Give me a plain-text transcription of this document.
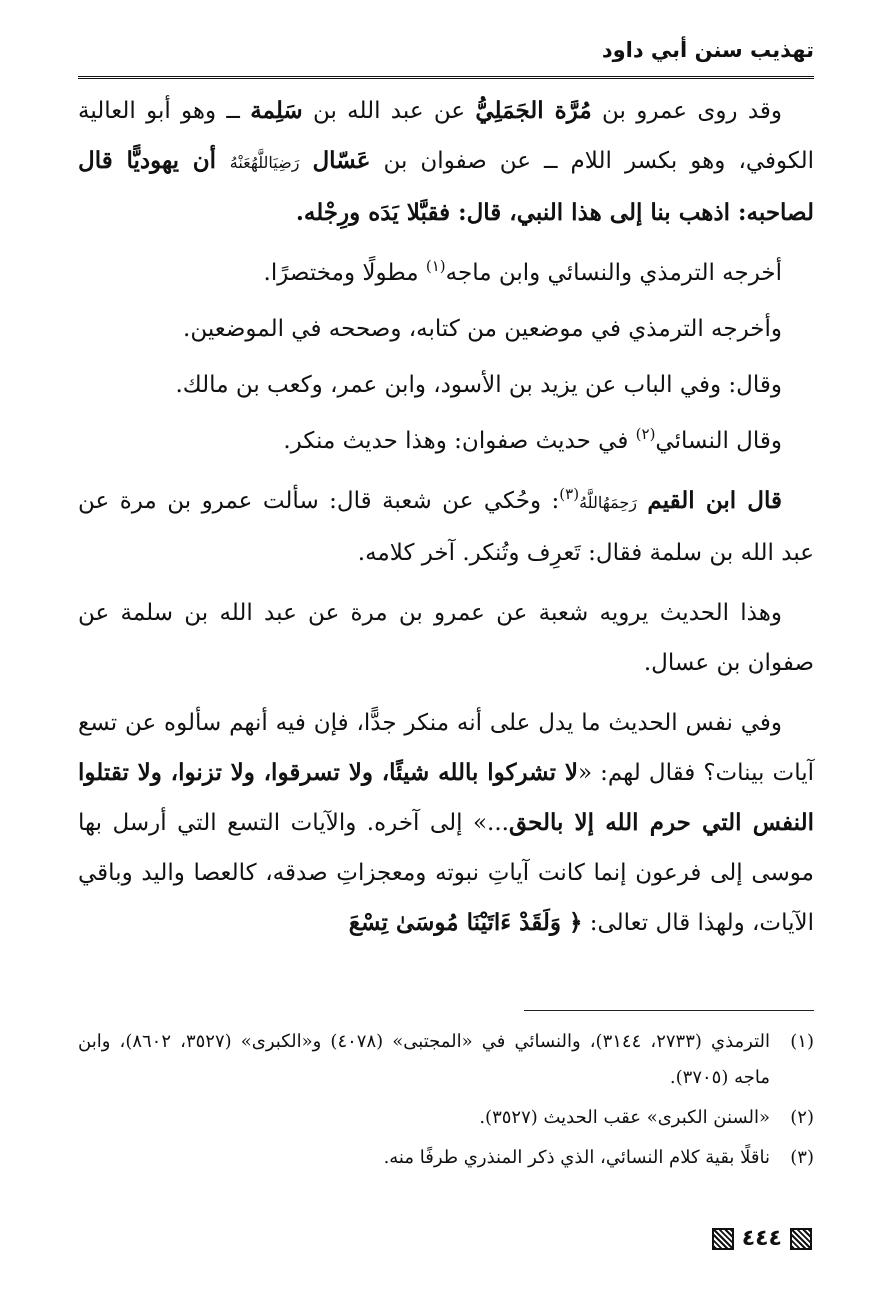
تهذيب سنن أبي داود

وقد روى عمرو بن مُرَّة الجَمَلِيُّ عن عبد الله بن سَلِمة ــ وهو أبو العالية الكوفي، وهو بكسر اللام ــ عن صفوان بن عَسّال رَضِيَاللَّهُعَنْهُ أن يهوديًّا قال لصاحبه: اذهب بنا إلى هذا النبي، قال: فقبَّلا يَدَه ورِجْله.

أخرجه الترمذي والنسائي وابن ماجه$^{(١)}$ مطولًا ومختصرًا.

وأخرجه الترمذي في موضعين من كتابه، وصححه في الموضعين.

وقال: وفي الباب عن يزيد بن الأسود، وابن عمر، وكعب بن مالك.

وقال النسائي$^{(٢)}$ في حديث صفوان: وهذا حديث منكر.

قال ابن القيم رَحِمَهُاللَّهُ$^{(٣)}$: وحُكي عن شعبة قال: سألت عمرو بن مرة عن عبد الله بن سلمة فقال: تَعرِف وتُنكر. آخر كلامه.

وهذا الحديث يرويه شعبة عن عمرو بن مرة عن عبد الله بن سلمة عن صفوان بن عسال.

وفي نفس الحديث ما يدل على أنه منكر جدًّا، فإن فيه أنهم سألوه عن تسع آيات بينات؟ فقال لهم: «لا تشركوا بالله شيئًا، ولا تسرقوا، ولا تزنوا، ولا تقتلوا النفس التي حرم الله إلا بالحق...» إلى آخره. والآيات التسع التي أرسل بها موسى إلى فرعون إنما كانت آياتِ نبوته ومعجزاتِ صدقه، كالعصا واليد وباقي الآيات، ولهذا قال تعالى: ﴿ وَلَقَدْ ءَاتَيْنَا مُوسَىٰ تِسْعَ

(١)
الترمذي (٢٧٣٣، ٣١٤٤)، والنسائي في «المجتبى» (٤٠٧٨) و«الكبرى» (٣٥٢٧، ٨٦٠٢)، وابن ماجه (٣٧٠٥).

(٢)
«السنن الكبرى» عقب الحديث (٣٥٢٧).

(٣)
ناقلًا بقية كلام النسائي، الذي ذكر المنذري طرفًا منه.

٤٤٤
